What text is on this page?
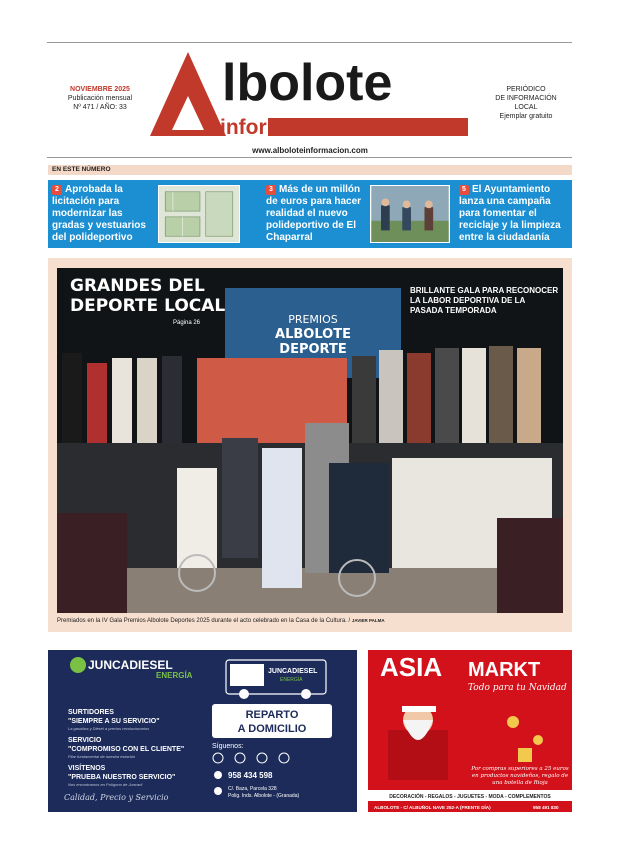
NOVIEMBRE 2025
Publicación mensual
Nº 471 / AÑO: 33	lbolote
información
PERIÓDICO
DE INFORMACIÓN
LOCAL
Ejemplar gratuito
www.alboloteinformacion.com
EN ESTE NÚMERO
2 Aprobada la licitación para modernizar las gradas y vestuarios del polideportivo
3 Más de un millón de euros para hacer realidad el nuevo polideportivo de El Chaparral
5 El Ayuntamiento lanza una campaña para fomentar el reciclaje y la limpieza entre la ciudadanía
PREMIOS
ALBOLOTE
DEPORTE
GRANDES DEL
DEPORTE LOCAL
Página 26
BRILLANTE GALA PARA RECONOCER
LA LABOR DEPORTIVA DE LA
PASADA TEMPORADA
Premiados en la IV Gala Premios Albolote Deportes 2025 durante el acto celebrado en la Casa de la Cultura. / JAVIER PALMA
JUNCADIESEL
ENERGÍA
SURTIDORES
"SIEMPRE A SU SERVICIO"
La gasolina y Diésel a precios revolucionarios
SERVICIO
"COMPROMISO CON EL CLIENTE"
Pilar fundamental de nuestra estación
VISÍTENOS
"PRUEBA NUESTRO SERVICIO"
Nos encontramos en Polígono de Juncaril
Calidad, Precio y Servicio
JUNCADIESEL
ENERGÍA
REPARTO
A DOMICILIO
Síguenos:
958 434 598
C/. Baza, Parcela 328
Polig. Inds. Albolote - (Granada)
ASIA MARKT
Todo para tu Navidad
Por compras superiores a 25 euros
en productos navideños, regalo de
una botella de Rioja
DECORACIÓN - REGALOS - JUGUETES - MODA - COMPLEMENTOS
ALBOLOTE - C/ ALBUÑOL NAVE 252-A (FRENTE DÍA)	958 491 830
